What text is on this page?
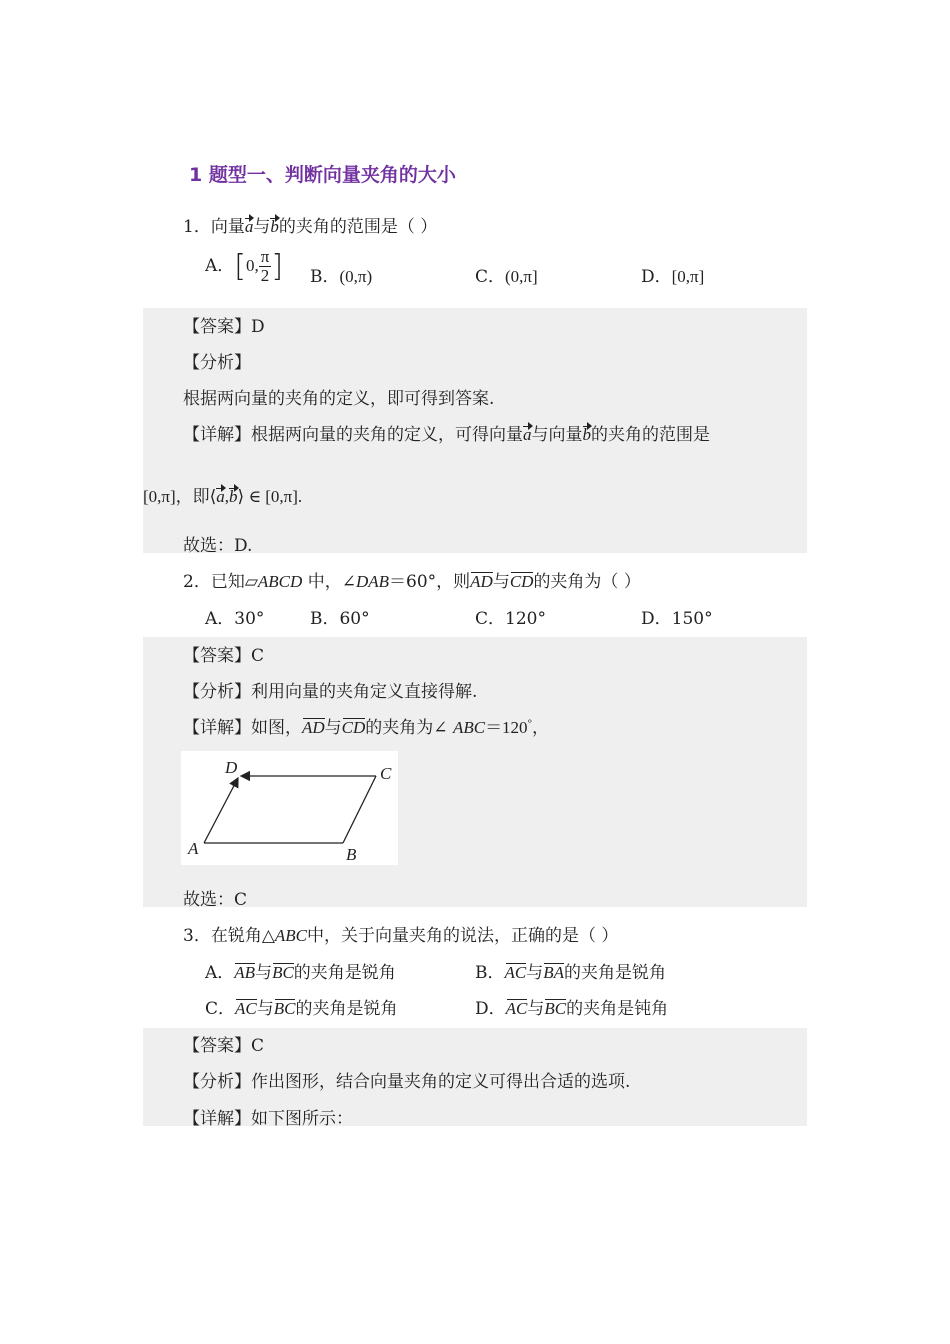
1 题型一、判断向量夹角的大小
1．向量a与b的夹角的范围是（ ）
A．[0, $\frac{\pi}{2}$ ] B．(0,π)	C．(0,π]	D．[0,π]
【答案】D
【分析】
根据两向量的夹角的定义，即可得到答案.
【详解】根据两向量的夹角的定义，可得向量a与向量b的夹角的范围是
[0,π]，即⟨a,b⟩ ∈ [0,π].
故选：D.
2．已知▱ABCD 中，∠DAB＝60°，则AD与CD的夹角为（ ）
A．30°	B．60°	C．120°	D．150°
【答案】C
【分析】利用向量的夹角定义直接得解.
【详解】如图，AD与CD的夹角为∠ ABC＝120°，
A	B
C
D
故选：C
3．在锐角△ABC中，关于向量夹角的说法，正确的是（ ）
A．AB与BC的夹角是锐角	B．AC与BA的夹角是锐角
C．AC与BC的夹角是锐角	D．AC与BC的夹角是钝角
【答案】C
【分析】作出图形，结合向量夹角的定义可得出合适的选项.
【详解】如下图所示：
